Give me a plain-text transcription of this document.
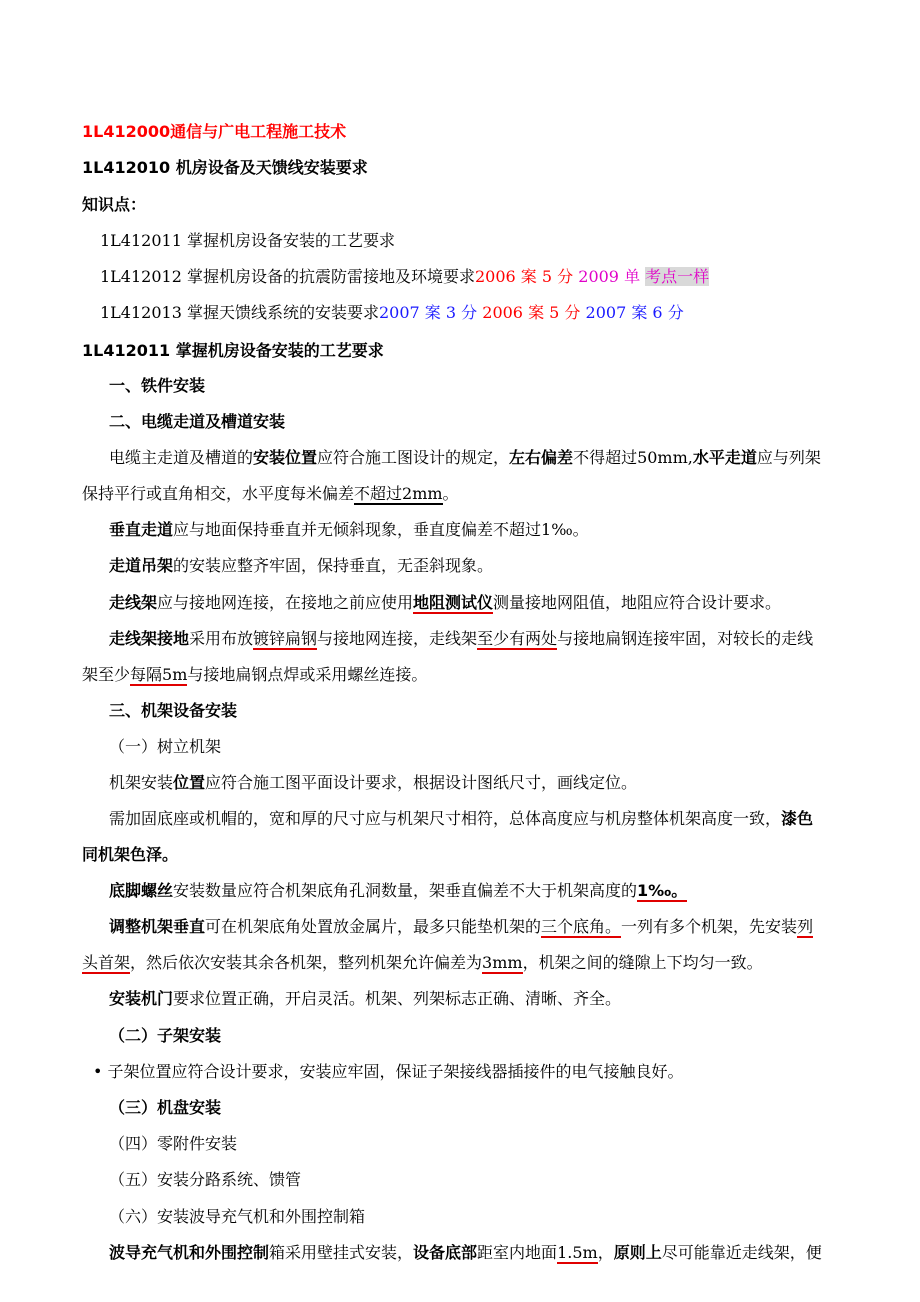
1L412000通信与广电工程施工技术
1L412010 机房设备及天馈线安装要求
知识点：
1L412011 掌握机房设备安装的工艺要求
1L412012 掌握机房设备的抗震防雷接地及环境要求2006 案 5 分 2009 单 考点一样
1L412013 掌握天馈线系统的安装要求2007 案 3 分 2006 案 5 分 2007 案 6 分
1L412011 掌握机房设备安装的工艺要求
一、铁件安装
二、电缆走道及槽道安装
电缆主走道及槽道的安装位置应符合施工图设计的规定，左右偏差不得超过50mm,水平走道应与列架
保持平行或直角相交，水平度每米偏差不超过2mm。
垂直走道应与地面保持垂直并无倾斜现象，垂直度偏差不超过1‰。
走道吊架的安装应整齐牢固，保持垂直，无歪斜现象。
走线架应与接地网连接，在接地之前应使用地阻测试仪测量接地网阻值，地阻应符合设计要求。
走线架接地采用布放镀锌扁钢与接地网连接，走线架至少有两处与接地扁钢连接牢固，对较长的走线
架至少每隔5m与接地扁钢点焊或采用螺丝连接。
三、机架设备安装
（一）树立机架
机架安装位置应符合施工图平面设计要求，根据设计图纸尺寸，画线定位。
需加固底座或机帽的，宽和厚的尺寸应与机架尺寸相符，总体高度应与机房整体机架高度一致，漆色
同机架色泽。
底脚螺丝安装数量应符合机架底角孔洞数量，架垂直偏差不大于机架高度的1‰。
调整机架垂直可在机架底角处置放金属片，最多只能垫机架的三个底角。一列有多个机架，先安装列
头首架，然后依次安装其余各机架，整列机架允许偏差为3mm，机架之间的缝隙上下均匀一致。
安装机门要求位置正确，开启灵活。机架、列架标志正确、清晰、齐全。
（二）子架安装
• 子架位置应符合设计要求，安装应牢固，保证子架接线器插接件的电气接触良好。
（三）机盘安装
（四）零附件安装
（五）安装分路系统、馈管
（六）安装波导充气机和外围控制箱
波导充气机和外围控制箱采用壁挂式安装，设备底部距室内地面1.5m，原则上尽可能靠近走线架，便
